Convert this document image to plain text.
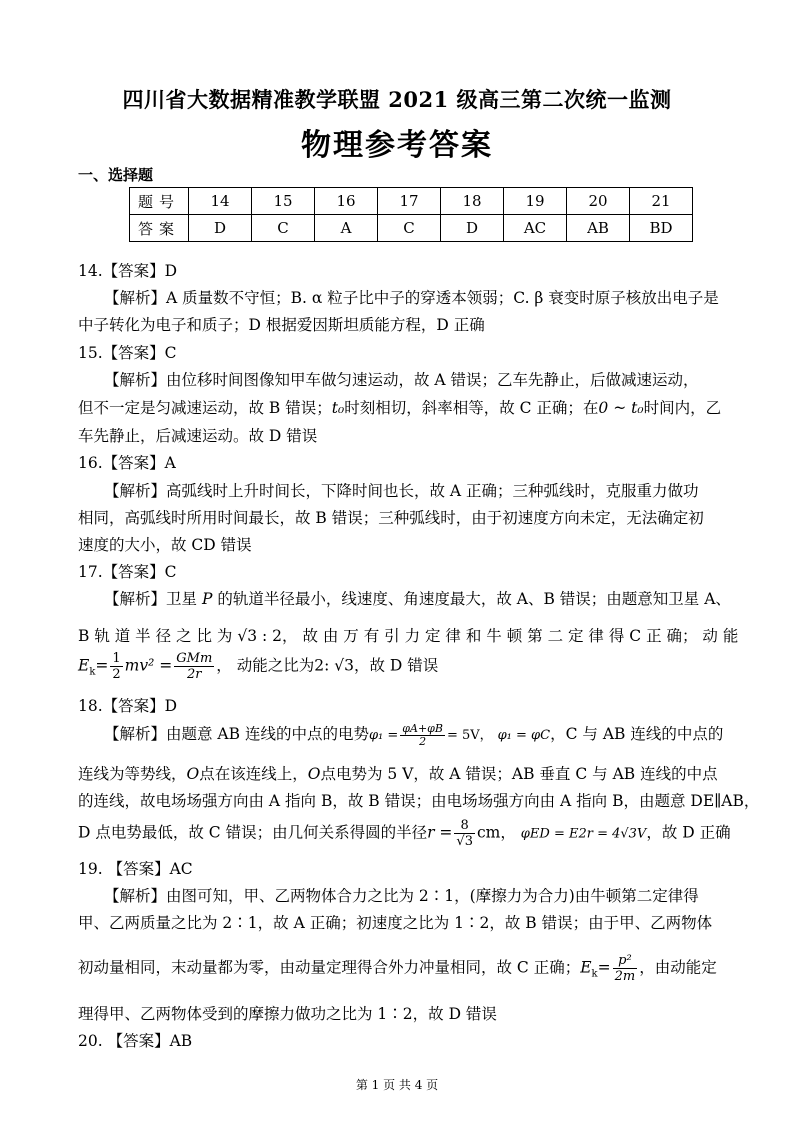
四川省大数据精准教学联盟 2021 级高三第二次统一监测
物理参考答案
一、选择题
题号	14	15	16	17	18	19	20	21
答案	D	C	A	C	D	AC	AB	BD
14.【答案】D
【解析】A 质量数不守恒；B. α 粒子比中子的穿透本领弱；C. β 衰变时原子核放出电子是
中子转化为电子和质子；D 根据爱因斯坦质能方程，D 正确
15.【答案】C
【解析】由位移时间图像知甲车做匀速运动，故 A 错误；乙车先静止，后做减速运动，
但不一定是匀减速运动，故 B 错误；t₀时刻相切，斜率相等，故 C 正确；在0 ~ t₀时间内，乙
车先静止，后减速运动。故 D 错误
16.【答案】A
【解析】高弧线时上升时间长，下降时间也长，故 A 正确；三种弧线时，克服重力做功
相同，高弧线时所用时间最长，故 B 错误；三种弧线时，由于初速度方向未定，无法确定初
速度的大小，故 CD 错误
17.【答案】C
【解析】卫星 P 的轨道半径最小，线速度、角速度最大，故 A、B 错误；由题意知卫星 A、
B 轨 道 半 径 之 比 为 √3 : 2， 故 由 万 有 引 力 定 律 和 牛 顿 第 二 定 律 得 C 正 确； 动 能
$E_k= \frac{1}{2} mv^2 = \frac{\text{GMm}}{2r}$ ， 动能之比为2: √3，故 D 错误
18.【答案】D
【解析】由题意 AB 连线的中点的电势$\varphi_1 = \frac{\varphi A+\varphi B}{2} = 5V$， φ₁ = φC，C 与 AB 连线的中点的
连线为等势线，O点在该连线上，O点电势为 5 V，故 A 错误；AB 垂直 C 与 AB 连线的中点
的连线，故电场场强方向由 A 指向 B，故 B 错误；由电场场强方向由 A 指向 B，由题意 DE∥AB，
D 点电势最低，故 C 错误；由几何关系得圆的半径$r = \frac{8}{√3}$ cm， φED = E2r = 4√3V，故 D 正确
19. 【答案】AC
【解析】由图可知，甲、乙两物体合力之比为 2∶1，(摩擦力为合力)由牛顿第二定律得
甲、乙两质量之比为 2∶1，故 A 正确；初速度之比为 1∶2，故 B 错误；由于甲、乙两物体
初动量相同，末动量都为零，由动量定理得合外力冲量相同，故 C 正确；$E_k= \frac{\text{p²}}{2m}$ ，由动能定
理得甲、乙两物体受到的摩擦力做功之比为 1∶2，故 D 错误
20. 【答案】AB
第 1 页 共 4 页
